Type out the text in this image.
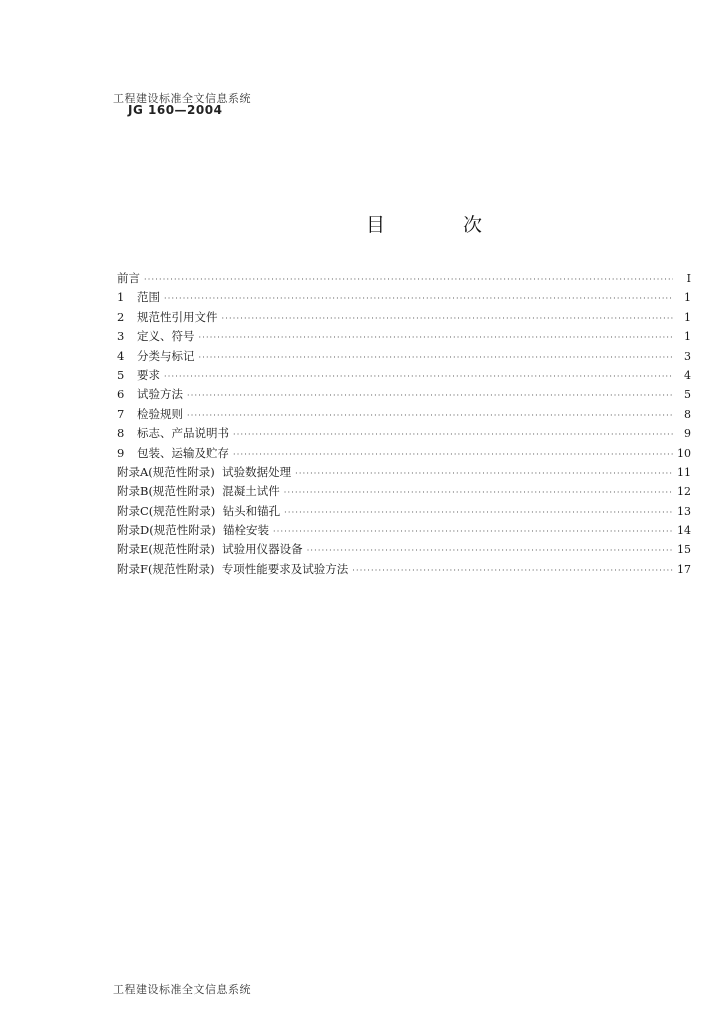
工程建设标准全文信息系统
JG 160—2004
目 次
前言 ·····	I
1 范围 ·····	1
2 规范性引用文件 ·····	1
3 定义、符号 ·····	1
4 分类与标记 ·····	3
5 要求 ·····	4
6 试验方法 ·····	5
7 检验规则 ·····	8
8 标志、产品说明书 ·····	9
9 包装、运输及贮存 ·····	10
附录A(规范性附录)  试验数据处理 ·····	11
附录B(规范性附录)  混凝土试件 ·····	12
附录C(规范性附录)  钻头和锚孔 ·····	13
附录D(规范性附录)  锚栓安装 ·····	14
附录E(规范性附录)  试验用仪器设备 ·····	15
附录F(规范性附录)  专项性能要求及试验方法 ·····	17
工程建设标准全文信息系统
